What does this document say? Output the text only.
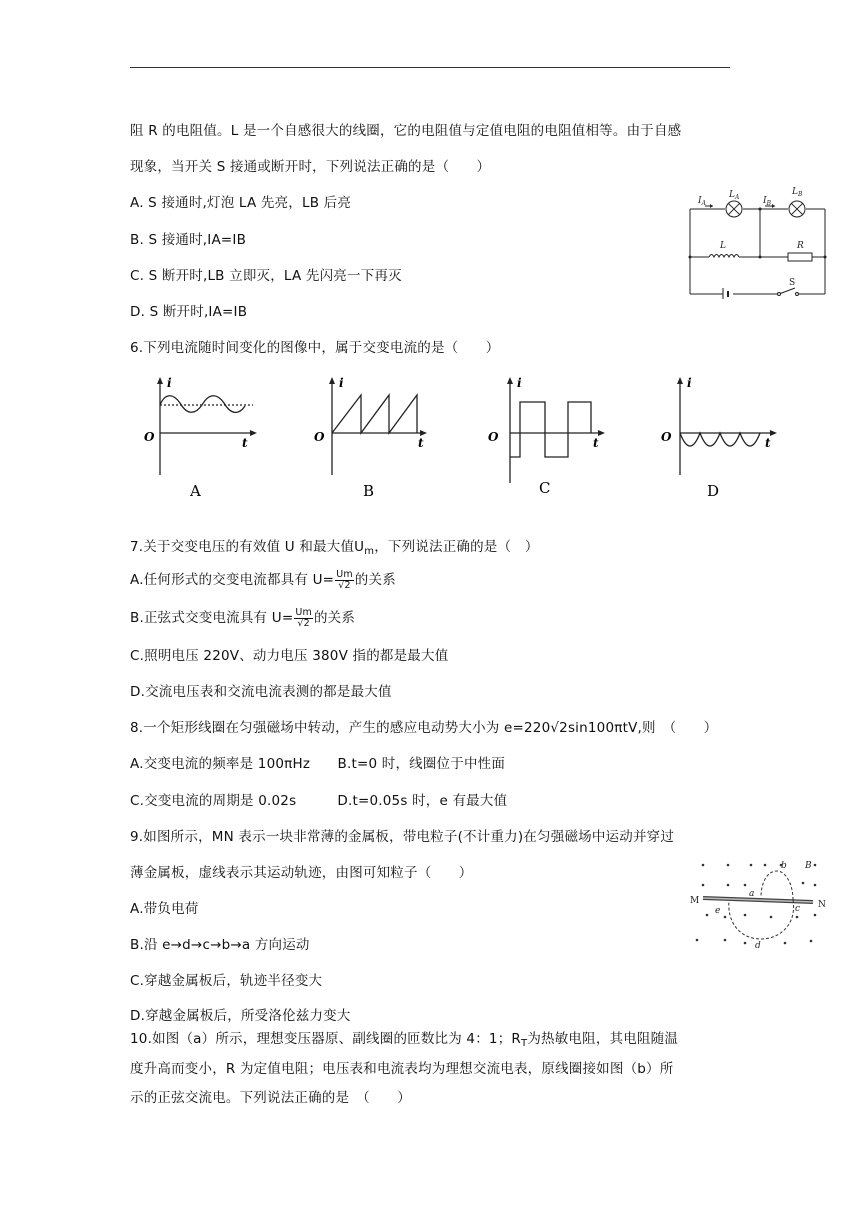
阻 R 的电阻值。L 是一个自感很大的线圈，它的电阻值与定值电阻的电阻值相等。由于自感
现象，当开关 S 接通或断开时，下列说法正确的是（　　）
A. S 接通时,灯泡 LA 先亮，LB 后亮
B. S 接通时,ΙA=ΙB
C. S 断开时,LB 立即灭，LA 先闪亮一下再灭
D. S 断开时,ΙA=ΙB
$I_A$
$L_A$	$I_B$
$L_B$
L	R
S
6.下列电流随时间变化的图像中，属于交变电流的是（　　）
i
O	t
A
i
O	t
B
i
O	t
C
i
O	t
D
7.关于交变电压的有效值 U 和最大值$U_m$，下列说法正确的是（　）
A.任何形式的交变电流都具有 $U= \frac{Um}{√2}$ 的关系
B.正弦式交变电流具有 $U= \frac{Um}{√2}$ 的关系
C.照明电压 220V、动力电压 380V 指的都是最大值
D.交流电压表和交流电流表测的都是最大值
8.一个矩形线圈在匀强磁场中转动，产生的感应电动势大小为 e=220√2sin100πtV,则　（　　）
A.交变电流的频率是 100πHz　　B.t=0 时，线圈位于中性面
C.交变电流的周期是 0.02s　　　D.t=0.05s 时，e 有最大值
9.如图所示，MN 表示一块非常薄的金属板，带电粒子(不计重力)在匀强磁场中运动并穿过
薄金属板，虚线表示其运动轨迹，由图可知粒子（　　）
A.带负电荷
B.沿 e→d→c→b→a 方向运动
C.穿越金属板后，轨迹半径变大
D.穿越金属板后，所受洛伦兹力变大
M	N
a
b
c
d
e
B
10.如图（a）所示，理想变压器原、副线圈的匝数比为 4：1；$R_T$为热敏电阻，其电阻随温
度升高而变小，R 为定值电阻；电压表和电流表均为理想交流电表，原线圈接如图（b）所
示的正弦交流电。下列说法正确的是　（　　）
